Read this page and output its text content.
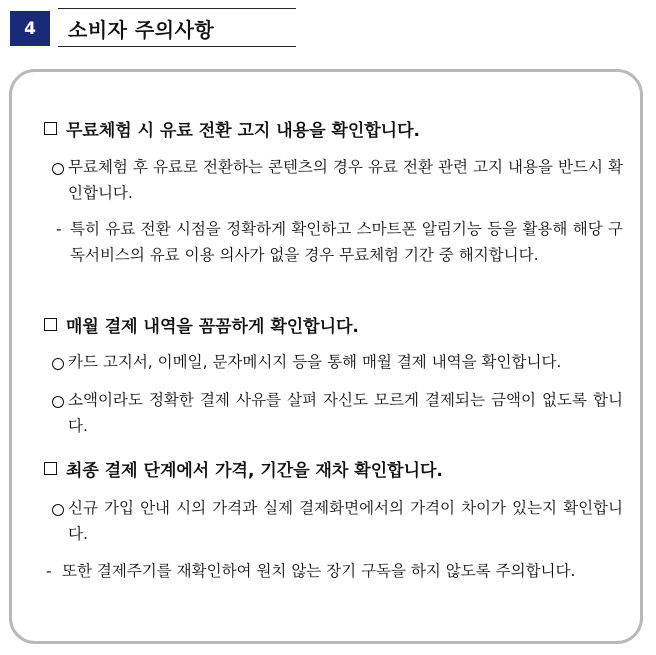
4	소비자 주의사항
무료체험 시 유료 전환 고지 내용을 확인합니다.
무료체험 후 유료로 전환하는 콘텐츠의 경우 유료 전환 관련 고지 내용을 반드시 확인합니다.
- 특히 유료 전환 시점을 정확하게 확인하고 스마트폰 알림기능 등을 활용해 해당 구독서비스의 유료 이용 의사가 없을 경우 무료체험 기간 중 해지합니다.
매월 결제 내역을 꼼꼼하게 확인합니다.
카드 고지서, 이메일, 문자메시지 등을 통해 매월 결제 내역을 확인합니다.
소액이라도 정확한 결제 사유를 살펴 자신도 모르게 결제되는 금액이 없도록 합니다.
최종 결제 단계에서 가격, 기간을 재차 확인합니다.
신규 가입 안내 시의 가격과 실제 결제화면에서의 가격이 차이가 있는지 확인합니다.
- 또한 결제주기를 재확인하여 원치 않는 장기 구독을 하지 않도록 주의합니다.
